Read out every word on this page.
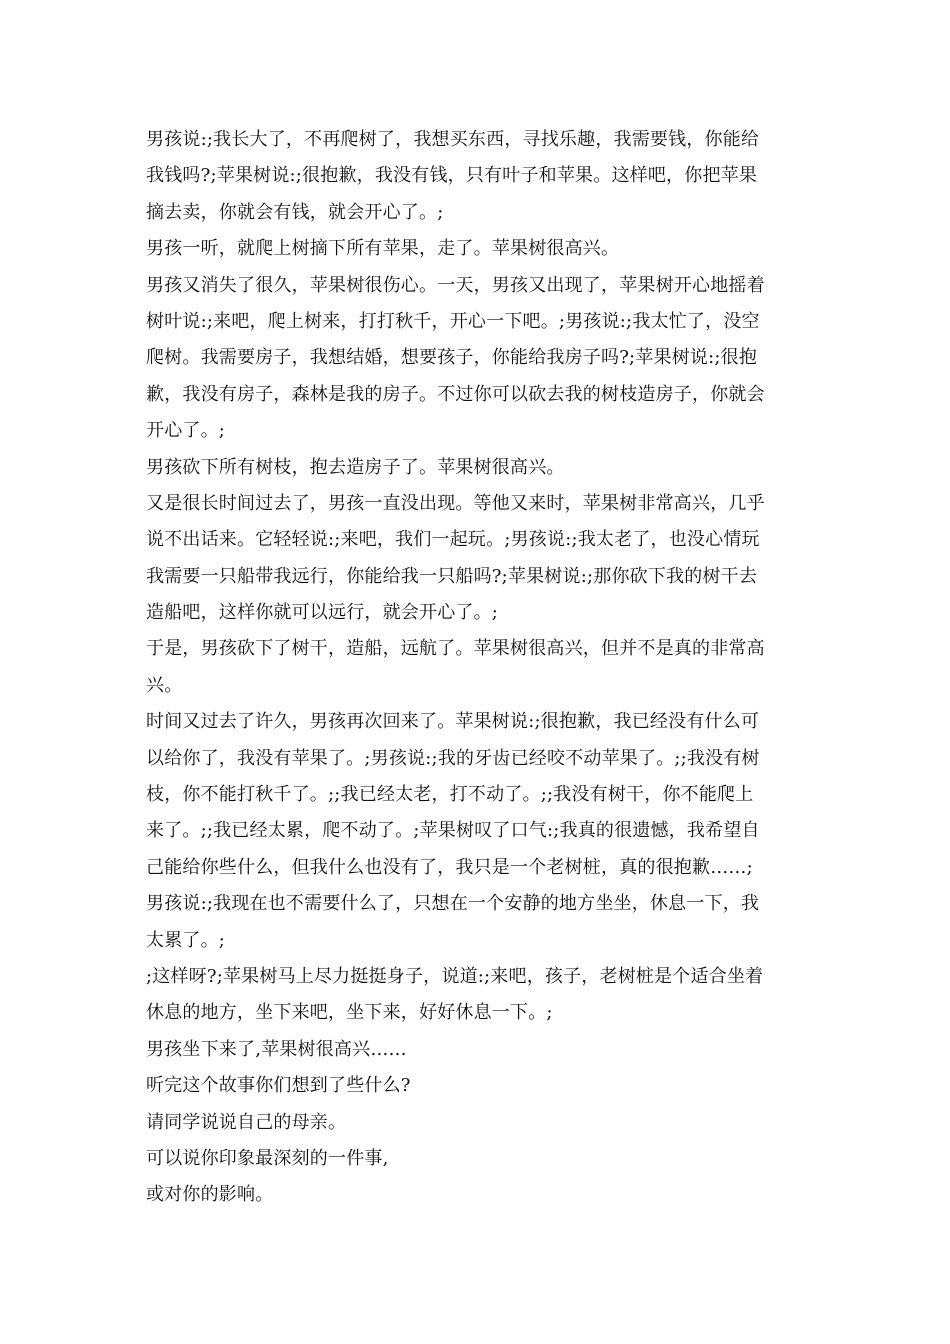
男孩说:;我长大了，不再爬树了，我想买东西，寻找乐趣，我需要钱，你能给
我钱吗?;苹果树说:;很抱歉，我没有钱，只有叶子和苹果。这样吧，你把苹果
摘去卖，你就会有钱，就会开心了。;
男孩一听，就爬上树摘下所有苹果，走了。苹果树很高兴。
男孩又消失了很久，苹果树很伤心。一天，男孩又出现了，苹果树开心地摇着
树叶说:;来吧，爬上树来，打打秋千，开心一下吧。;男孩说:;我太忙了，没空
爬树。我需要房子，我想结婚，想要孩子，你能给我房子吗?;苹果树说:;很抱
歉，我没有房子，森林是我的房子。不过你可以砍去我的树枝造房子，你就会
开心了。;
男孩砍下所有树枝，抱去造房子了。苹果树很高兴。
又是很长时间过去了，男孩一直没出现。等他又来时，苹果树非常高兴，几乎
说不出话来。它轻轻说:;来吧，我们一起玩。;男孩说:;我太老了，也没心情玩
我需要一只船带我远行，你能给我一只船吗?;苹果树说:;那你砍下我的树干去
造船吧，这样你就可以远行，就会开心了。;
于是，男孩砍下了树干，造船，远航了。苹果树很高兴，但并不是真的非常高
兴。
时间又过去了许久，男孩再次回来了。苹果树说:;很抱歉，我已经没有什么可
以给你了，我没有苹果了。;男孩说:;我的牙齿已经咬不动苹果了。;;我没有树
枝，你不能打秋千了。;;我已经太老，打不动了。;;我没有树干，你不能爬上
来了。;;我已经太累，爬不动了。;苹果树叹了口气:;我真的很遗憾，我希望自
己能给你些什么，但我什么也没有了，我只是一个老树桩，真的很抱歉……;
男孩说:;我现在也不需要什么了，只想在一个安静的地方坐坐，休息一下，我
太累了。;
;这样呀?;苹果树马上尽力挺挺身子，说道:;来吧，孩子，老树桩是个适合坐着
休息的地方，坐下来吧，坐下来，好好休息一下。;
男孩坐下来了,苹果树很高兴……
听完这个故事你们想到了些什么?
请同学说说自己的母亲。
可以说你印象最深刻的一件事,
或对你的影响。
